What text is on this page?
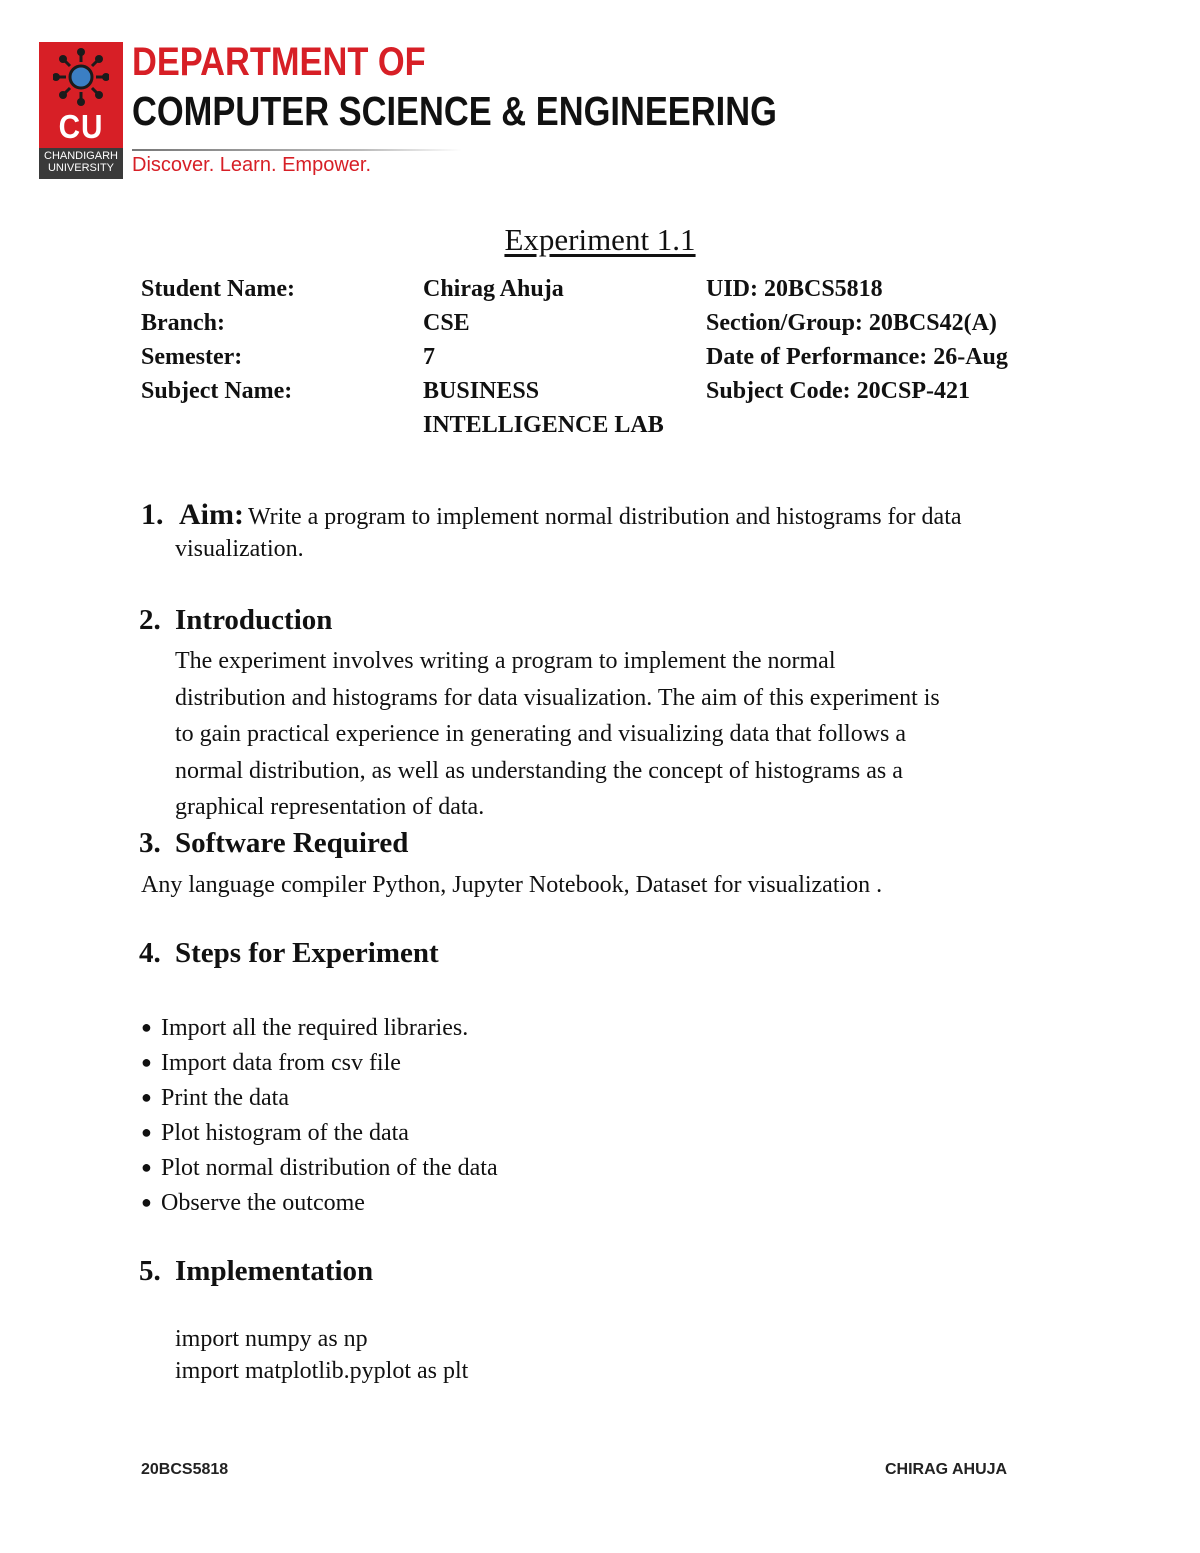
CU
CHANDIGARH
UNIVERSITY
DEPARTMENT OF
COMPUTER SCIENCE & ENGINEERING
Discover. Learn. Empower.
Experiment 1.1
Student Name:	Chirag Ahuja	UID: 20BCS5818
Branch:	CSE	Section/Group: 20BCS42(A)
Semester:	7	Date of Performance: 26-Aug
Subject Name:	BUSINESS	Subject Code: 20CSP-421
INTELLIGENCE LAB
1. Aim: Write a program to implement normal distribution and histograms for data
visualization.
2. Introduction
The experiment involves writing a program to implement the normal
distribution and histograms for data visualization. The aim of this experiment is
to gain practical experience in generating and visualizing data that follows a
normal distribution, as well as understanding the concept of histograms as a
graphical representation of data.
3. Software Required
Any language compiler Python, Jupyter Notebook, Dataset for visualization .
4. Steps for Experiment
● Import all the required libraries.
● Import data from csv file
● Print the data
● Plot histogram of the data
● Plot normal distribution of the data
● Observe the outcome
5. Implementation
import numpy as np
import matplotlib.pyplot as plt
20BCS5818	CHIRAG AHUJA
